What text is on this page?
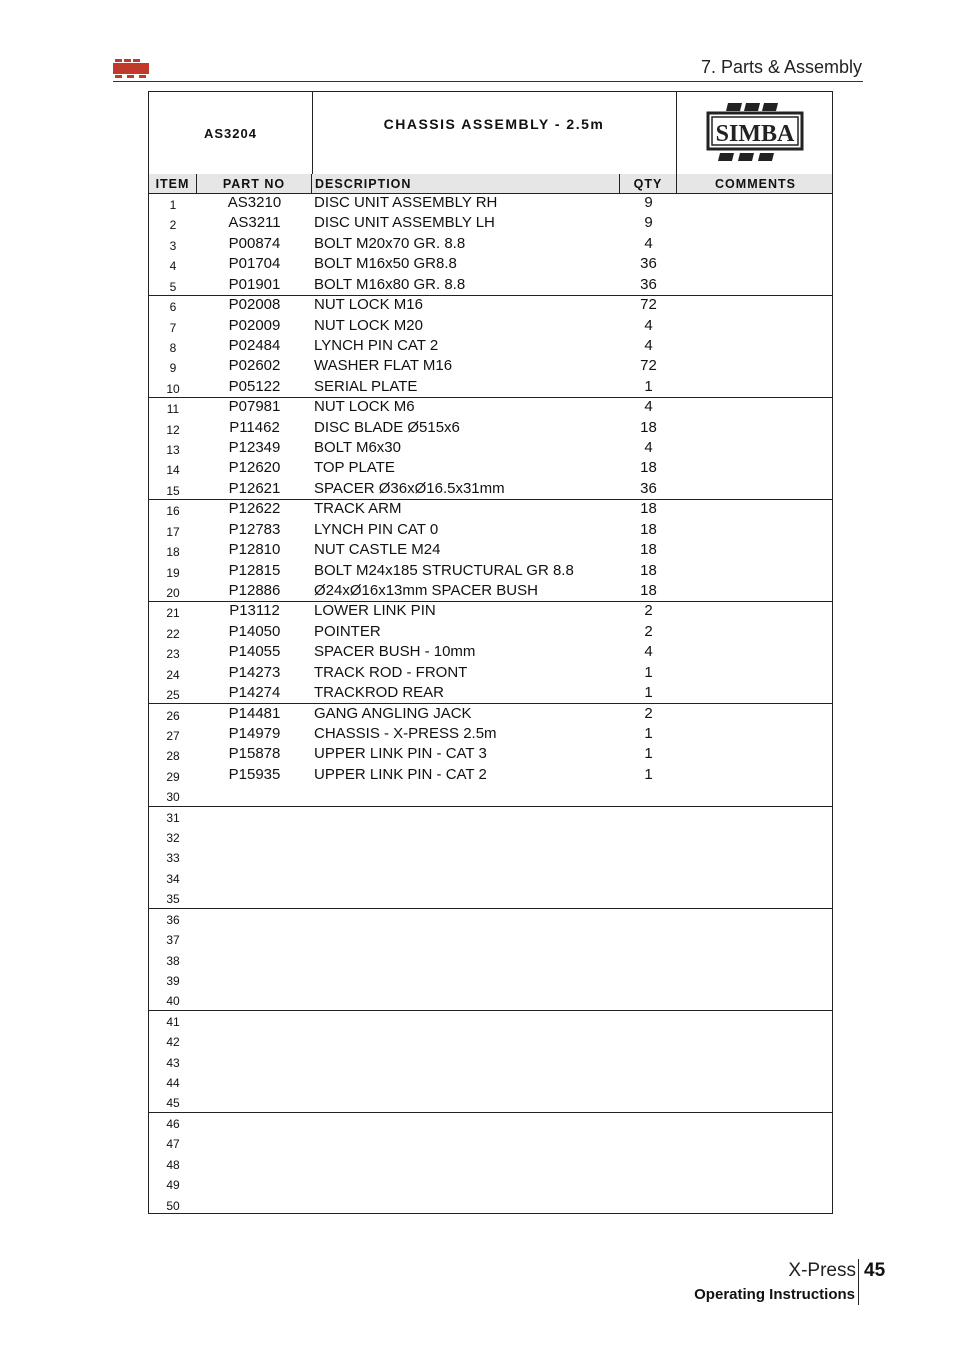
7. Parts & Assembly
AS3204
CHASSIS ASSEMBLY - 2.5m	SIMBA
ITEM	PART NO	DESCRIPTION	QTY	COMMENTS
1	AS3210	DISC UNIT ASSEMBLY RH	9
2	AS3211	DISC UNIT ASSEMBLY LH	9
3	P00874	BOLT M20x70 GR. 8.8	4
4	P01704	BOLT M16x50 GR8.8	36
5	P01901	BOLT M16x80 GR. 8.8	36
6	P02008	NUT LOCK M16	72
7	P02009	NUT LOCK M20	4
8	P02484	LYNCH PIN CAT 2	4
9	P02602	WASHER FLAT M16	72
10	P05122	SERIAL PLATE	1
11	P07981	NUT LOCK M6	4
12	P11462	DISC BLADE Ø515x6	18
13	P12349	BOLT M6x30	4
14	P12620	TOP PLATE	18
15	P12621	SPACER Ø36xØ16.5x31mm	36
16	P12622	TRACK ARM	18
17	P12783	LYNCH PIN CAT 0	18
18	P12810	NUT CASTLE M24	18
19	P12815	BOLT M24x185 STRUCTURAL GR 8.8	18
20	P12886	Ø24xØ16x13mm SPACER BUSH	18
21	P13112	LOWER LINK PIN	2
22	P14050	POINTER	2
23	P14055	SPACER BUSH - 10mm	4
24	P14273	TRACK ROD - FRONT	1
25	P14274	TRACKROD REAR	1
26	P14481	GANG ANGLING JACK	2
27	P14979	CHASSIS - X-PRESS 2.5m	1
28	P15878	UPPER LINK PIN - CAT 3	1
29	P15935	UPPER LINK PIN - CAT 2	1
30
31
32
33
34
35
36
37
38
39
40
41
42
43
44
45
46
47
48
49
50
X-Press 45
Operating Instructions
